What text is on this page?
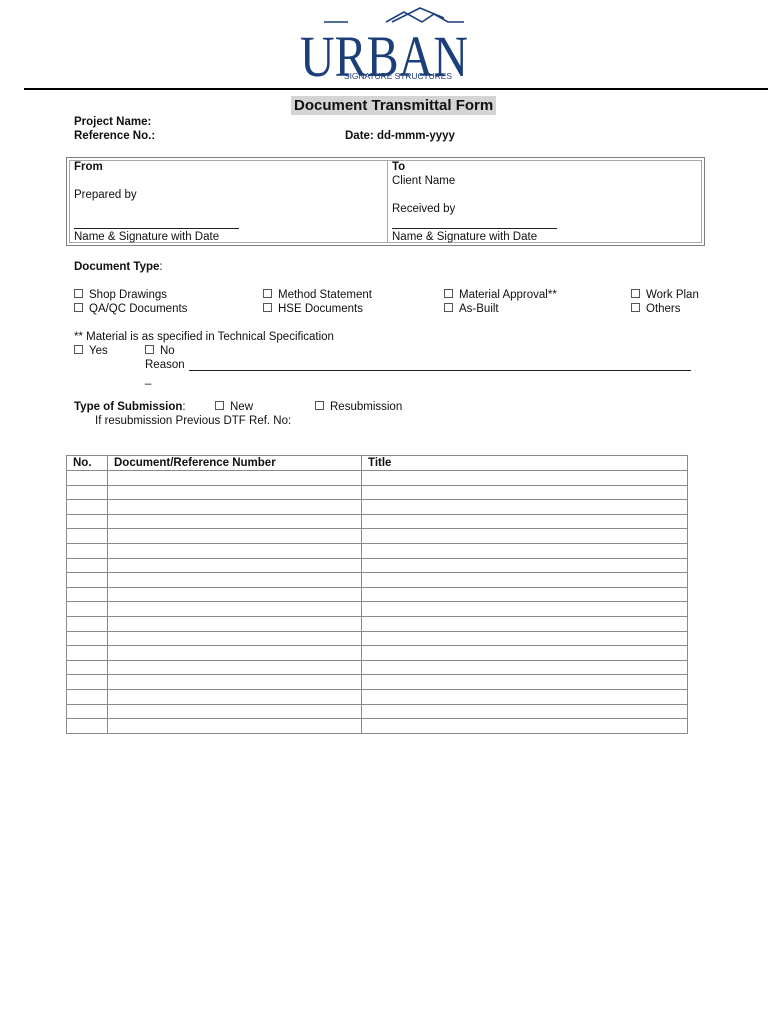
URBAN
SIGNATURE STRUCTURES
Document Transmittal Form
Project Name:
Reference No.:	Date: dd-mmm-yyyy
From
Prepared by
Name & Signature with Date
To
Client Name
Received by
Name & Signature with Date
Document Type:
Shop Drawings	Method Statement	Material Approval**	Work Plan
QA/QC Documents	HSE Documents	As-Built	Others
** Material is as specified in Technical Specification
Yes	No
Reason
_
Type of Submission:	New	Resubmission
If resubmission Previous DTF Ref. No:
No.	Document/Reference Number	Title
